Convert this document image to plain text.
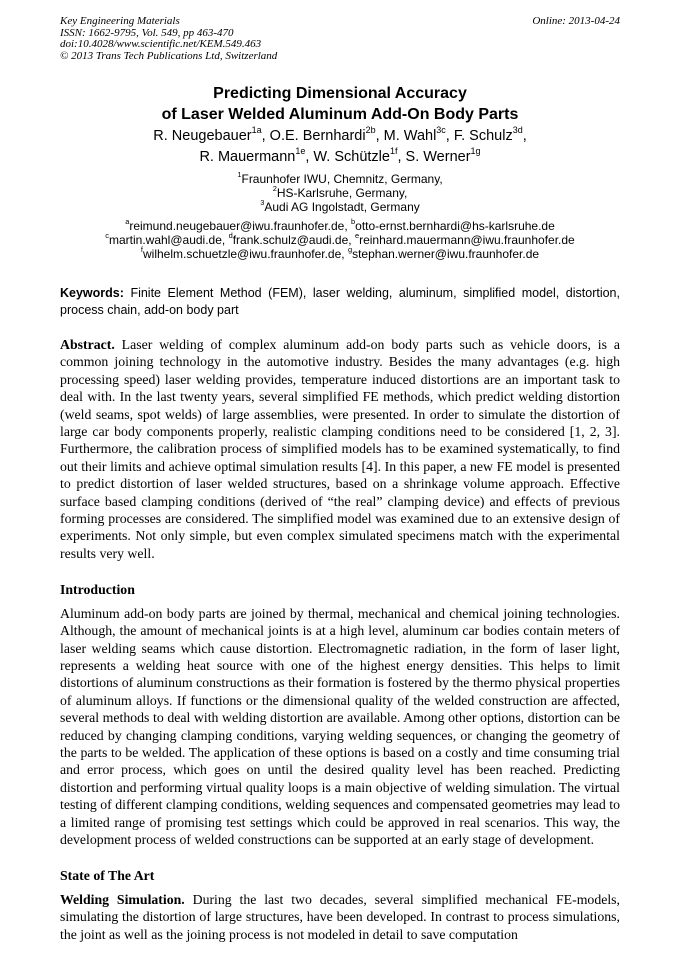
Key Engineering Materials
ISSN: 1662-9795, Vol. 549, pp 463-470
doi:10.4028/www.scientific.net/KEM.549.463
© 2013 Trans Tech Publications Ltd, Switzerland
Online: 2013-04-24
Predicting Dimensional Accuracy
of Laser Welded Aluminum Add-On Body Parts
R. Neugebauer$^{1a}$, O.E. Bernhardi$^{2b}$, M. Wahl$^{3c}$, F. Schulz$^{3d}$,
R. Mauermann$^{1e}$, W. Schützle$^{1f}$, S. Werner$^{1g}$
$^1$Fraunhofer IWU, Chemnitz, Germany,
$^2$HS-Karlsruhe, Germany,
$^3$Audi AG Ingolstadt, Germany
$^a$reimund.neugebauer@iwu.fraunhofer.de, $^b$otto-ernst.bernhardi@hs-karlsruhe.de
$^c$martin.wahl@audi.de, $^d$frank.schulz@audi.de, $^e$reinhard.mauermann@iwu.fraunhofer.de
$^f$wilhelm.schuetzle@iwu.fraunhofer.de, $^g$stephan.werner@iwu.fraunhofer.de
Keywords: Finite Element Method (FEM), laser welding, aluminum, simplified model, distortion, process chain, add-on body part
Abstract. Laser welding of complex aluminum add-on body parts such as vehicle doors, is a common joining technology in the automotive industry. Besides the many advantages (e.g. high processing speed) laser welding provides, temperature induced distortions are an important task to deal with. In the last twenty years, several simplified FE methods, which predict welding distortion (weld seams, spot welds) of large assemblies, were presented. In order to simulate the distortion of large car body components properly, realistic clamping conditions need to be considered [1, 2, 3]. Furthermore, the calibration process of simplified models has to be examined systematically, to find out their limits and achieve optimal simulation results [4]. In this paper, a new FE model is presented to predict distortion of laser welded structures, based on a shrinkage volume approach. Effective surface based clamping conditions (derived of “the real” clamping device) and effects of previous forming processes are considered. The simplified model was examined due to an extensive design of experiments. Not only simple, but even complex simulated specimens match with the experimental results very well.
Introduction
Aluminum add-on body parts are joined by thermal, mechanical and chemical joining technologies. Although, the amount of mechanical joints is at a high level, aluminum car bodies contain meters of laser welding seams which cause distortion. Electromagnetic radiation, in the form of laser light, represents a welding heat source with one of the highest energy densities. This helps to limit distortions of aluminum constructions as their formation is fostered by the thermo physical properties of aluminum alloys. If functions or the dimensional quality of the welded construction are affected, several methods to deal with welding distortion are available. Among other options, distortion can be reduced by changing clamping conditions, varying welding sequences, or changing the geometry of the parts to be welded. The application of these options is based on a costly and time consuming trial and error process, which goes on until the desired quality level has been reached. Predicting distortion and performing virtual quality loops is a main objective of welding simulation. The virtual testing of different clamping conditions, welding sequences and compensated geometries may lead to a limited range of promising test settings which could be approved in real scenarios. This way, the development process of welded constructions can be supported at an early stage of development.
State of The Art
Welding Simulation. During the last two decades, several simplified mechanical FE-models, simulating the distortion of large structures, have been developed. In contrast to process simulations, the joint as well as the joining process is not modeled in detail to save computation
